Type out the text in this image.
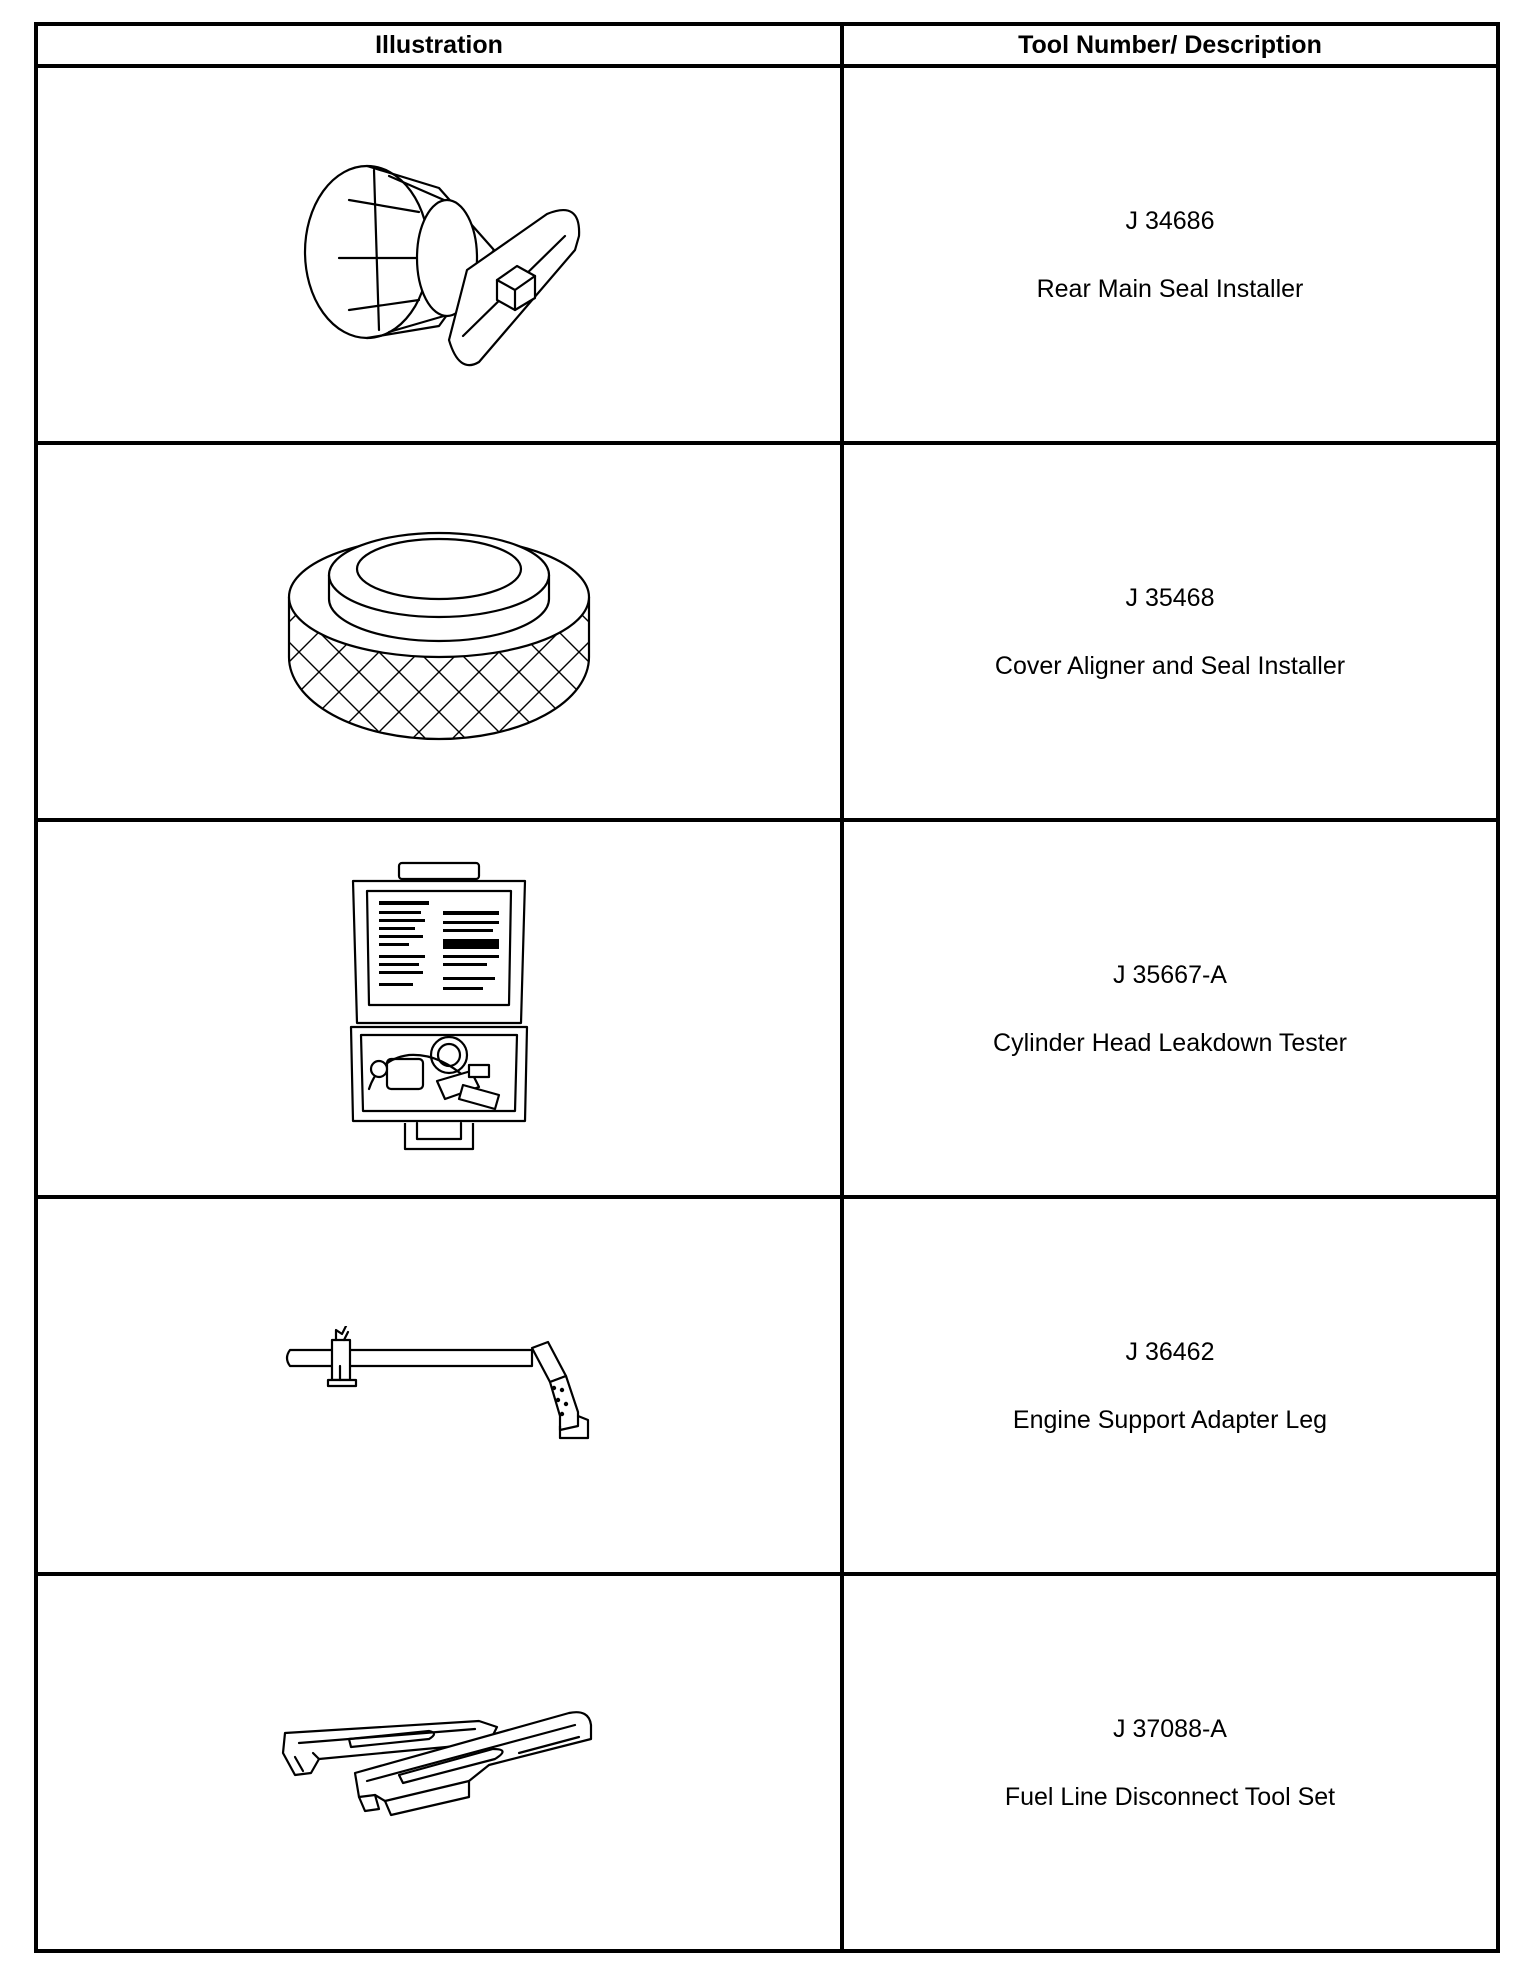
Illustration	Tool Number/ Description

J 34686
Rear Main Seal Installer

J 35468
Cover Aligner and Seal Installer

J 35667-A
Cylinder Head Leakdown Tester

J 36462
Engine Support Adapter Leg

J 37088-A
Fuel Line Disconnect Tool Set
